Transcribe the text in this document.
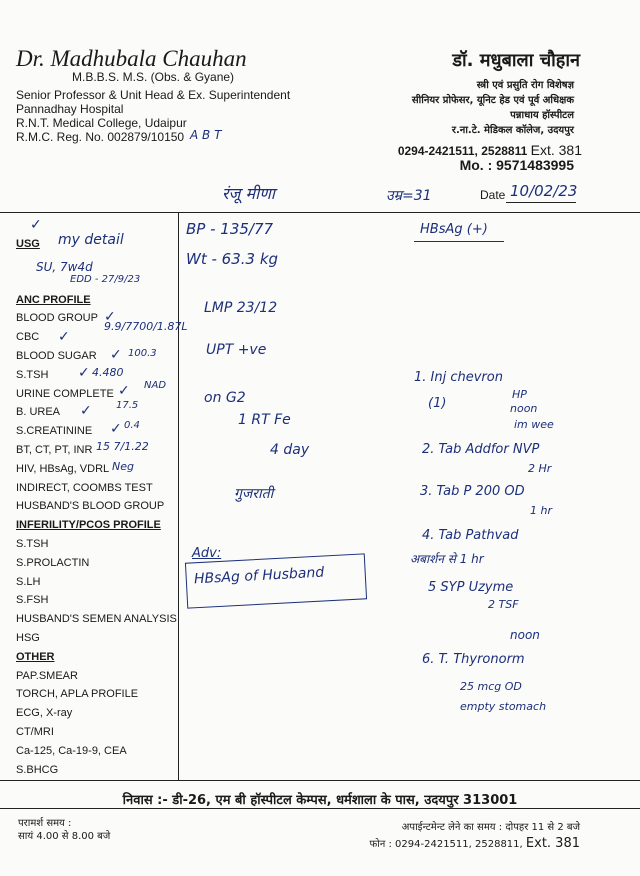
Dr. Madhubala Chauhan
M.B.B.S. M.S. (Obs. & Gyane)
Senior Professor & Unit Head & Ex. Superintendent
Pannadhay Hospital
R.N.T. Medical College, Udaipur
R.M.C. Reg. No. 002879/10150 A B T
डॉ. मधुबाला चौहान
स्त्री एवं प्रसुति रोग विशेषज्ञ
सीनियर प्रोफेसर, यूनिट हेड एवं पूर्व अधिक्षक
पन्नाधाय हॉस्पीटल
र.ना.टे. मेडिकल कॉलेज, उदयपुर
0294-2421511, 2528811 Ext. 381
Mo. : 9571483995
रंजू मीणा	उम्र=31	Date 10/02/23
USG
ANC PROFILE
BLOOD GROUP
CBC
BLOOD SUGAR
S.TSH
URINE COMPLETE
B. UREA
S.CREATININE
BT, CT, PT, INR
HIV, HBsAg, VDRL
INDIRECT, COOMBS TEST
HUSBAND'S BLOOD GROUP
INFERILITY/PCOS PROFILE
S.TSH
S.PROLACTIN
S.LH
S.FSH
HUSBAND'S SEMEN ANALYSIS
HSG
OTHER
PAP.SMEAR
TORCH, APLA PROFILE
ECG, X-ray
CT/MRI
Ca-125, Ca-19-9, CEA
S.BHCG
✓
✓
✓
✓
✓
✓
✓
✓
my detail
SU, 7w4d
EDD - 27/9/23
9.9/7700/1.87L
100.3
4.480
NAD
17.5
0.4
15 7/1.22
Neg
BP - 135/77
Wt - 63.3 kg
LMP 23/12
UPT +ve
on G2
1 RT Fe
4 day
गुजराती
Adv:
HBsAg of Husband
HBsAg (+)
1. Inj chevron
(1)
HP
noon
im wee
2. Tab Addfor NVP
2 Hr
3. Tab P 200 OD
1 hr
4. Tab Pathvad
अबार्शन से 1 hr
5 SYP Uzyme
2 TSF
noon
6. T. Thyronorm
25 mcg OD
empty stomach
निवास :- डी-26, एम बी हॉस्पीटल केम्पस, धर्मशाला के पास, उदयपुर 313001
परामर्श समय :
सायं 4.00 से 8.00 बजे
अपाईन्टमेन्ट लेने का समय : दोपहर 11 से 2 बजे
फोन : 0294-2421511, 2528811, Ext. 381
